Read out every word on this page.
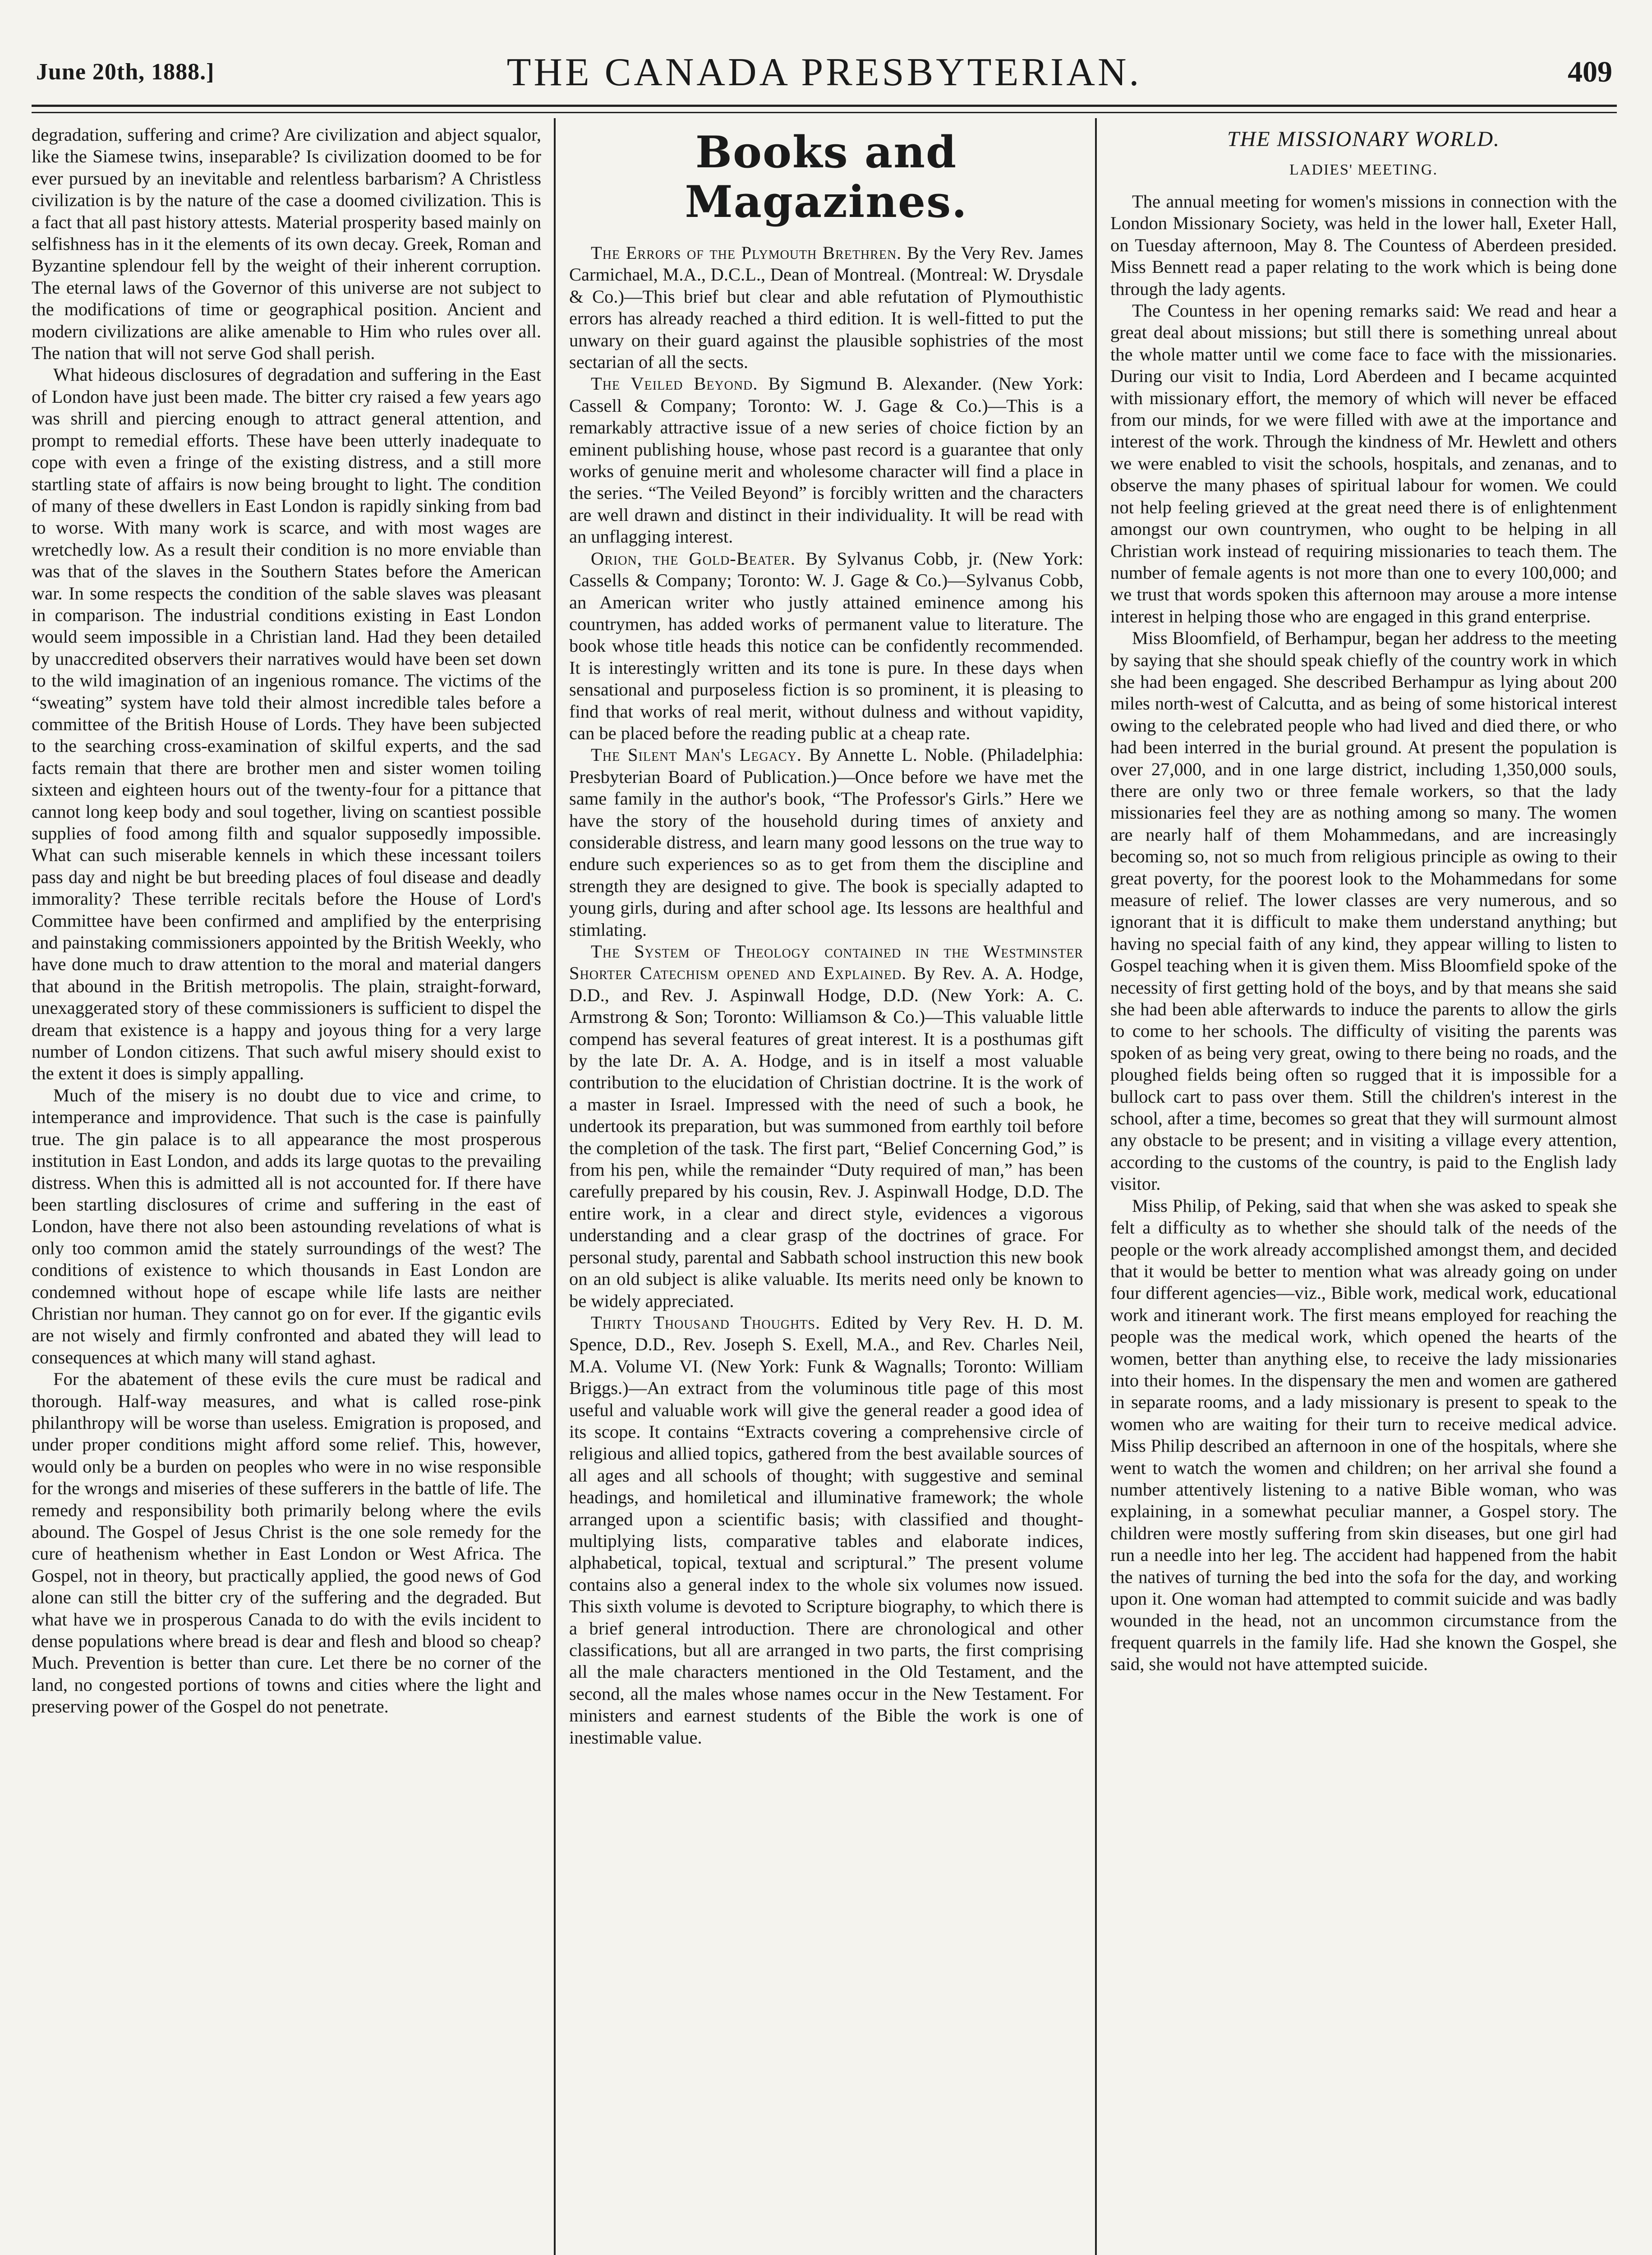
June 20th, 1888.]	THE CANADA PRESBYTERIAN.	409

degradation, suffering and crime? Are civilization and abject squalor, like the Siamese twins, inseparable? Is civilization doomed to be for ever pursued by an inevitable and relentless barbarism? A Christless civilization is by the nature of the case a doomed civilization. This is a fact that all past history attests. Material prosperity based mainly on selfishness has in it the elements of its own decay. Greek, Roman and Byzantine splendour fell by the weight of their inherent corruption. The eternal laws of the Governor of this universe are not subject to the modifications of time or geographical position. Ancient and modern civilizations are alike amenable to Him who rules over all. The nation that will not serve God shall perish.

What hideous disclosures of degradation and suffering in the East of London have just been made. The bitter cry raised a few years ago was shrill and piercing enough to attract general attention, and prompt to remedial efforts. These have been utterly inadequate to cope with even a fringe of the existing distress, and a still more startling state of affairs is now being brought to light. The condition of many of these dwellers in East London is rapidly sinking from bad to worse. With many work is scarce, and with most wages are wretchedly low. As a result their condition is no more enviable than was that of the slaves in the Southern States before the American war. In some respects the condition of the sable slaves was pleasant in comparison. The industrial conditions existing in East London would seem impossible in a Christian land. Had they been detailed by unaccredited observers their narratives would have been set down to the wild imagination of an ingenious romance. The victims of the “sweating” system have told their almost incredible tales before a committee of the British House of Lords. They have been subjected to the searching cross-examination of skilful experts, and the sad facts remain that there are brother men and sister women toiling sixteen and eighteen hours out of the twenty-four for a pittance that cannot long keep body and soul together, living on scantiest possible supplies of food among filth and squalor supposedly impossible. What can such miserable kennels in which these incessant toilers pass day and night be but breeding places of foul disease and deadly immorality? These terrible recitals before the House of Lord's Committee have been confirmed and amplified by the enterprising and painstaking commissioners appointed by the British Weekly, who have done much to draw attention to the moral and material dangers that abound in the British metropolis. The plain, straight-forward, unexaggerated story of these commissioners is sufficient to dispel the dream that existence is a happy and joyous thing for a very large number of London citizens. That such awful misery should exist to the extent it does is simply appalling.

Much of the misery is no doubt due to vice and crime, to intemperance and improvidence. That such is the case is painfully true. The gin palace is to all appearance the most prosperous institution in East London, and adds its large quotas to the prevailing distress. When this is admitted all is not accounted for. If there have been startling disclosures of crime and suffering in the east of London, have there not also been astounding revelations of what is only too common amid the stately surroundings of the west? The conditions of existence to which thousands in East London are condemned without hope of escape while life lasts are neither Christian nor human. They cannot go on for ever. If the gigantic evils are not wisely and firmly confronted and abated they will lead to consequences at which many will stand aghast.

For the abatement of these evils the cure must be radical and thorough. Half-way measures, and what is called rose-pink philanthropy will be worse than useless. Emigration is proposed, and under proper conditions might afford some relief. This, however, would only be a burden on peoples who were in no wise responsible for the wrongs and miseries of these sufferers in the battle of life. The remedy and responsibility both primarily belong where the evils abound. The Gospel of Jesus Christ is the one sole remedy for the cure of heathenism whether in East London or West Africa. The Gospel, not in theory, but practically applied, the good news of God alone can still the bitter cry of the suffering and the degraded. But what have we in prosperous Canada to do with the evils incident to dense populations where bread is dear and flesh and blood so cheap? Much. Prevention is better than cure. Let there be no corner of the land, no congested portions of towns and cities where the light and preserving power of the Gospel do not penetrate.

Books and Magazines.

The Errors of the Plymouth Brethren. By the Very Rev. James Carmichael, M.A., D.C.L., Dean of Montreal. (Montreal: W. Drysdale & Co.)—This brief but clear and able refutation of Plymouthistic errors has already reached a third edition. It is well-fitted to put the unwary on their guard against the plausible sophistries of the most sectarian of all the sects.

The Veiled Beyond. By Sigmund B. Alexander. (New York: Cassell & Company; Toronto: W. J. Gage & Co.)—This is a remarkably attractive issue of a new series of choice fiction by an eminent publishing house, whose past record is a guarantee that only works of genuine merit and wholesome character will find a place in the series. “The Veiled Beyond” is forcibly written and the characters are well drawn and distinct in their individuality. It will be read with an unflagging interest.

Orion, the Gold-Beater. By Sylvanus Cobb, jr. (New York: Cassells & Company; Toronto: W. J. Gage & Co.)—Sylvanus Cobb, an American writer who justly attained eminence among his countrymen, has added works of permanent value to literature. The book whose title heads this notice can be confidently recommended. It is interestingly written and its tone is pure. In these days when sensational and purposeless fiction is so prominent, it is pleasing to find that works of real merit, without dulness and without vapidity, can be placed before the reading public at a cheap rate.

The Silent Man's Legacy. By Annette L. Noble. (Philadelphia: Presbyterian Board of Publication.)—Once before we have met the same family in the author's book, “The Professor's Girls.” Here we have the story of the household during times of anxiety and considerable distress, and learn many good lessons on the true way to endure such experiences so as to get from them the discipline and strength they are designed to give. The book is specially adapted to young girls, during and after school age. Its lessons are healthful and stimlating.

The System of Theology contained in the Westminster Shorter Catechism opened and Explained. By Rev. A. A. Hodge, D.D., and Rev. J. Aspinwall Hodge, D.D. (New York: A. C. Armstrong & Son; Toronto: Williamson & Co.)—This valuable little compend has several features of great interest. It is a posthumas gift by the late Dr. A. A. Hodge, and is in itself a most valuable contribution to the elucidation of Christian doctrine. It is the work of a master in Israel. Impressed with the need of such a book, he undertook its preparation, but was summoned from earthly toil before the completion of the task. The first part, “Belief Concerning God,” is from his pen, while the remainder “Duty required of man,” has been carefully prepared by his cousin, Rev. J. Aspinwall Hodge, D.D. The entire work, in a clear and direct style, evidences a vigorous understanding and a clear grasp of the doctrines of grace. For personal study, parental and Sabbath school instruction this new book on an old subject is alike valuable. Its merits need only be known to be widely appreciated.

Thirty Thousand Thoughts. Edited by Very Rev. H. D. M. Spence, D.D., Rev. Joseph S. Exell, M.A., and Rev. Charles Neil, M.A. Volume VI. (New York: Funk & Wagnalls; Toronto: William Briggs.)—An extract from the voluminous title page of this most useful and valuable work will give the general reader a good idea of its scope. It contains “Extracts covering a comprehensive circle of religious and allied topics, gathered from the best available sources of all ages and all schools of thought; with suggestive and seminal headings, and homiletical and illuminative framework; the whole arranged upon a scientific basis; with classified and thought-multiplying lists, comparative tables and elaborate indices, alphabetical, topical, textual and scriptural.” The present volume contains also a general index to the whole six volumes now issued. This sixth volume is devoted to Scripture biography, to which there is a brief general introduction. There are chronological and other classifications, but all are arranged in two parts, the first comprising all the male characters mentioned in the Old Testament, and the second, all the males whose names occur in the New Testament. For ministers and earnest students of the Bible the work is one of inestimable value.

THE MISSIONARY WORLD.
LADIES' MEETING.

The annual meeting for women's missions in connection with the London Missionary Society, was held in the lower hall, Exeter Hall, on Tuesday afternoon, May 8. The Countess of Aberdeen presided. Miss Bennett read a paper relating to the work which is being done through the lady agents.

The Countess in her opening remarks said: We read and hear a great deal about missions; but still there is something unreal about the whole matter until we come face to face with the missionaries. During our visit to India, Lord Aberdeen and I became acquinted with missionary effort, the memory of which will never be effaced from our minds, for we were filled with awe at the importance and interest of the work. Through the kindness of Mr. Hewlett and others we were enabled to visit the schools, hospitals, and zenanas, and to observe the many phases of spiritual labour for women. We could not help feeling grieved at the great need there is of enlightenment amongst our own countrymen, who ought to be helping in all Christian work instead of requiring missionaries to teach them. The number of female agents is not more than one to every 100,000; and we trust that words spoken this afternoon may arouse a more intense interest in helping those who are engaged in this grand enterprise.

Miss Bloomfield, of Berhampur, began her address to the meeting by saying that she should speak chiefly of the country work in which she had been engaged. She described Berhampur as lying about 200 miles north-west of Calcutta, and as being of some historical interest owing to the celebrated people who had lived and died there, or who had been interred in the burial ground. At present the population is over 27,000, and in one large district, including 1,350,000 souls, there are only two or three female workers, so that the lady missionaries feel they are as nothing among so many. The women are nearly half of them Mohammedans, and are increasingly becoming so, not so much from religious principle as owing to their great poverty, for the poorest look to the Mohammedans for some measure of relief. The lower classes are very numerous, and so ignorant that it is difficult to make them understand anything; but having no special faith of any kind, they appear willing to listen to Gospel teaching when it is given them. Miss Bloomfield spoke of the necessity of first getting hold of the boys, and by that means she said she had been able afterwards to induce the parents to allow the girls to come to her schools. The difficulty of visiting the parents was spoken of as being very great, owing to there being no roads, and the ploughed fields being often so rugged that it is impossible for a bullock cart to pass over them. Still the children's interest in the school, after a time, becomes so great that they will surmount almost any obstacle to be present; and in visiting a village every attention, according to the customs of the country, is paid to the English lady visitor.

Miss Philip, of Peking, said that when she was asked to speak she felt a difficulty as to whether she should talk of the needs of the people or the work already accomplished amongst them, and decided that it would be better to mention what was already going on under four different agencies—viz., Bible work, medical work, educational work and itinerant work. The first means employed for reaching the people was the medical work, which opened the hearts of the women, better than anything else, to receive the lady missionaries into their homes. In the dispensary the men and women are gathered in separate rooms, and a lady missionary is present to speak to the women who are waiting for their turn to receive medical advice. Miss Philip described an afternoon in one of the hospitals, where she went to watch the women and children; on her arrival she found a number attentively listening to a native Bible woman, who was explaining, in a somewhat peculiar manner, a Gospel story. The children were mostly suffering from skin diseases, but one girl had run a needle into her leg. The accident had happened from the habit the natives of turning the bed into the sofa for the day, and working upon it. One woman had attempted to commit suicide and was badly wounded in the head, not an uncommon circumstance from the frequent quarrels in the family life. Had she known the Gospel, she said, she would not have attempted suicide.
